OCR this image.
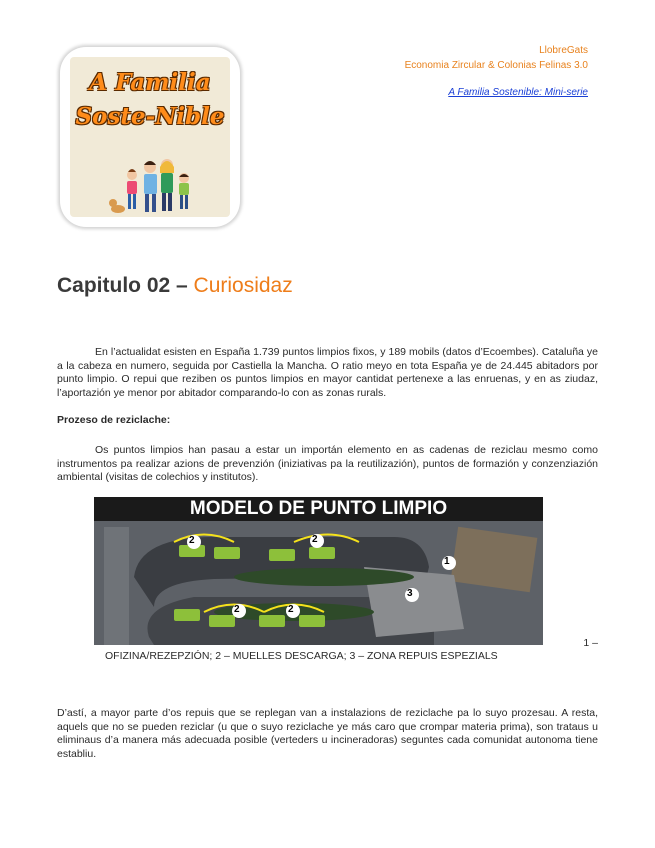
A Familia
Soste-Nible
LlobreGats
Economia Zircular & Colonias Felinas 3.0
A Familia Sostenible: Mini-serie
Capitulo 02 – Curiosidaz

En l’actualidat esisten en España 1.739 puntos limpios fixos, y 189 mobils (datos d’Ecoembes). Cataluña ye a la cabeza en numero, seguida por Castiella la Mancha. O ratio meyo en tota España ye de 24.445 abitadors por punto limpio. O repui que reziben os puntos limpios en mayor cantidat pertenexe a las enruenas, y en as ziudaz, l’aportazión ye menor por abitador comparando-lo con as zonas rurals.

Prozeso de reziclache:

Os puntos limpios han pasau a estar un importán elemento en as cadenas de reziclau mesmo como instrumentos pa realizar azions de prevenzión (iniziativas pa la reutilizazión), puntos de formazión y conzenziazión ambiental (visitas de colechios y institutos).

MODELO DE PUNTO LIMPIO
2	2
2	2
1
3
1 –
OFIZINA/REZEPZIÓN; 2 – MUELLES DESCARGA; 3 – ZONA REPUIS ESPEZIALS

D’astí, a mayor parte d’os repuis que se replegan van a instalazions de reziclache pa lo suyo prozesau. A resta, aquels que no se pueden reziclar (u que o suyo reziclache ye más caro que crompar materia prima), son trataus u eliminaus d’a manera más adecuada posible (verteders u incineradoras) seguntes cada comunidat autonoma tiene establiu.
